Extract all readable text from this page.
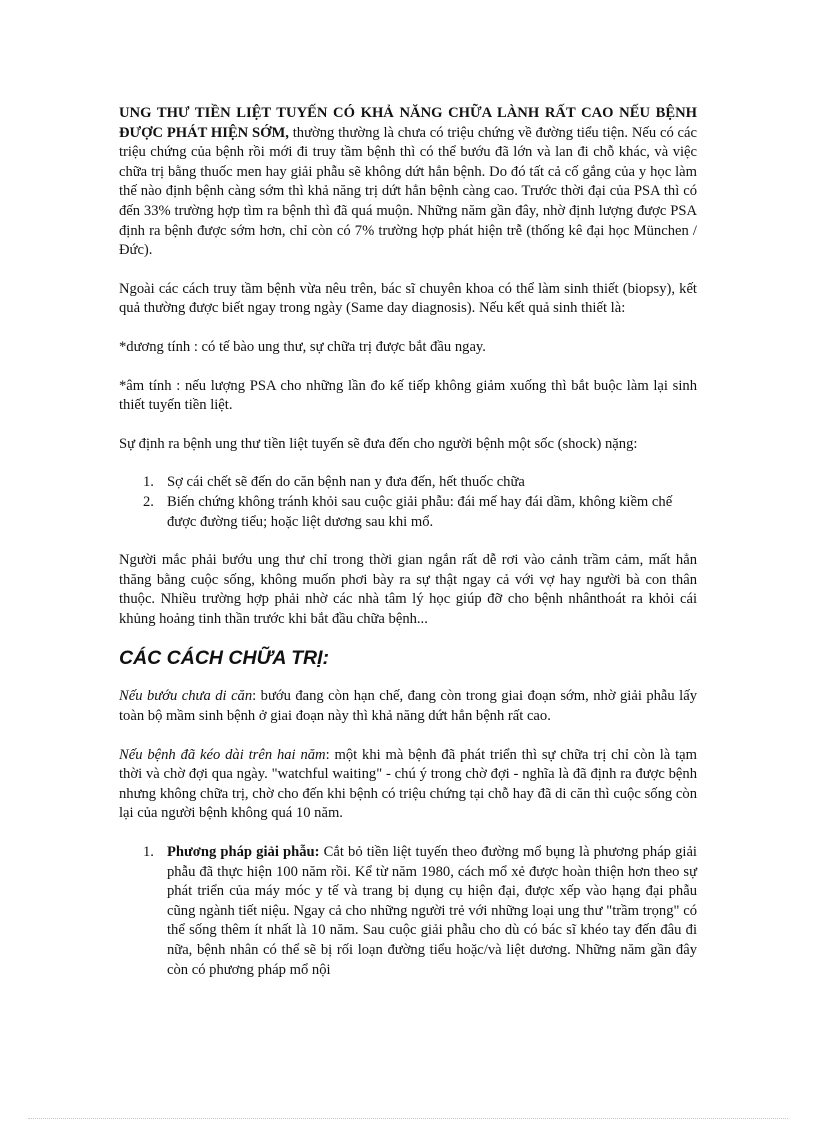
UNG THƯ TIỀN LIỆT TUYẾN CÓ KHẢ NĂNG CHỮA LÀNH RẤT CAO NẾU BỆNH ĐƯỢC PHÁT HIỆN SỚM, thường thường là chưa có triệu chứng về đường tiểu tiện. Nếu có các triệu chứng của bệnh rồi mới đi truy tầm bệnh thì có thể bướu đã lớn và lan đi chỗ khác, và việc chữa trị bằng thuốc men hay giải phẫu sẽ không dứt hẳn bệnh. Do đó tất cả cố gắng của y học làm thế nào định bệnh càng sớm thì khả năng trị dứt hẳn bệnh càng cao. Trước thời đại của PSA thì có đến 33% trường hợp tìm ra bệnh thì đã quá muộn. Những năm gần đây, nhờ định lượng được PSA định ra bệnh được sớm hơn, chỉ còn có 7% trường hợp phát hiện trễ (thống kê đại học München / Đức).

Ngoài các cách truy tầm bệnh vừa nêu trên, bác sĩ chuyên khoa có thể làm sinh thiết (biopsy), kết quả thường được biết ngay trong ngày (Same day diagnosis). Nếu kết quả sinh thiết là:

*dương tính : có tế bào ung thư, sự chữa trị được bắt đầu ngay.

*âm tính : nếu lượng PSA cho những lần đo kế tiếp không giảm xuống thì bắt buộc làm lại sinh thiết tuyến tiền liệt.

Sự định ra bệnh ung thư tiền liệt tuyến sẽ đưa đến cho người bệnh một sốc (shock) nặng:

1. Sợ cái chết sẽ đến do căn bệnh nan y đưa đến, hết thuốc chữa
2. Biến chứng không tránh khỏi sau cuộc giải phẫu: đái mế hay đái dầm, không kiềm chế được đường tiểu; hoặc liệt dương sau khi mổ.

Người mắc phải bướu ung thư chỉ trong thời gian ngắn rất dễ rơi vào cảnh trầm cảm, mất hẳn thăng bằng cuộc sống, không muốn phơi bày ra sự thật ngay cả với vợ hay người bà con thân thuộc. Nhiều trường hợp phải nhờ các nhà tâm lý học giúp đỡ cho bệnh nhânthoát ra khỏi cái khủng hoảng tinh thần trước khi bắt đầu chữa bệnh...

CÁC CÁCH CHỮA TRỊ:

Nếu bướu chưa di căn: bướu đang còn hạn chế, đang còn trong giai đoạn sớm, nhờ giải phẫu lấy toàn bộ mầm sinh bệnh ở giai đoạn này thì khả năng dứt hẳn bệnh rất cao.

Nếu bệnh đã kéo dài trên hai năm: một khi mà bệnh đã phát triển thì sự chữa trị chỉ còn là tạm thời và chờ đợi qua ngày. "watchful waiting" - chú ý trong chờ đợi - nghĩa là đã định ra được bệnh nhưng không chữa trị, chờ cho đến khi bệnh có triệu chứng tại chỗ hay đã di căn thì cuộc sống còn lại của người bệnh không quá 10 năm.

1. Phương pháp giải phẫu: Cắt bỏ tiền liệt tuyến theo đường mổ bụng là phương pháp giải phẫu đã thực hiện 100 năm rồi. Kể từ năm 1980, cách mổ xẻ được hoàn thiện hơn theo sự phát triển của máy móc y tế và trang bị dụng cụ hiện đại, được xếp vào hạng đại phẫu cũng ngành tiết niệu. Ngay cả cho những người trẻ với những loại ung thư "trầm trọng" có thể sống thêm ít nhất là 10 năm. Sau cuộc giải phẫu cho dù có bác sĩ khéo tay đến đâu đi nữa, bệnh nhân có thể sẽ bị rối loạn đường tiểu hoặc/và liệt dương. Những năm gần đây còn có phương pháp mổ nội
